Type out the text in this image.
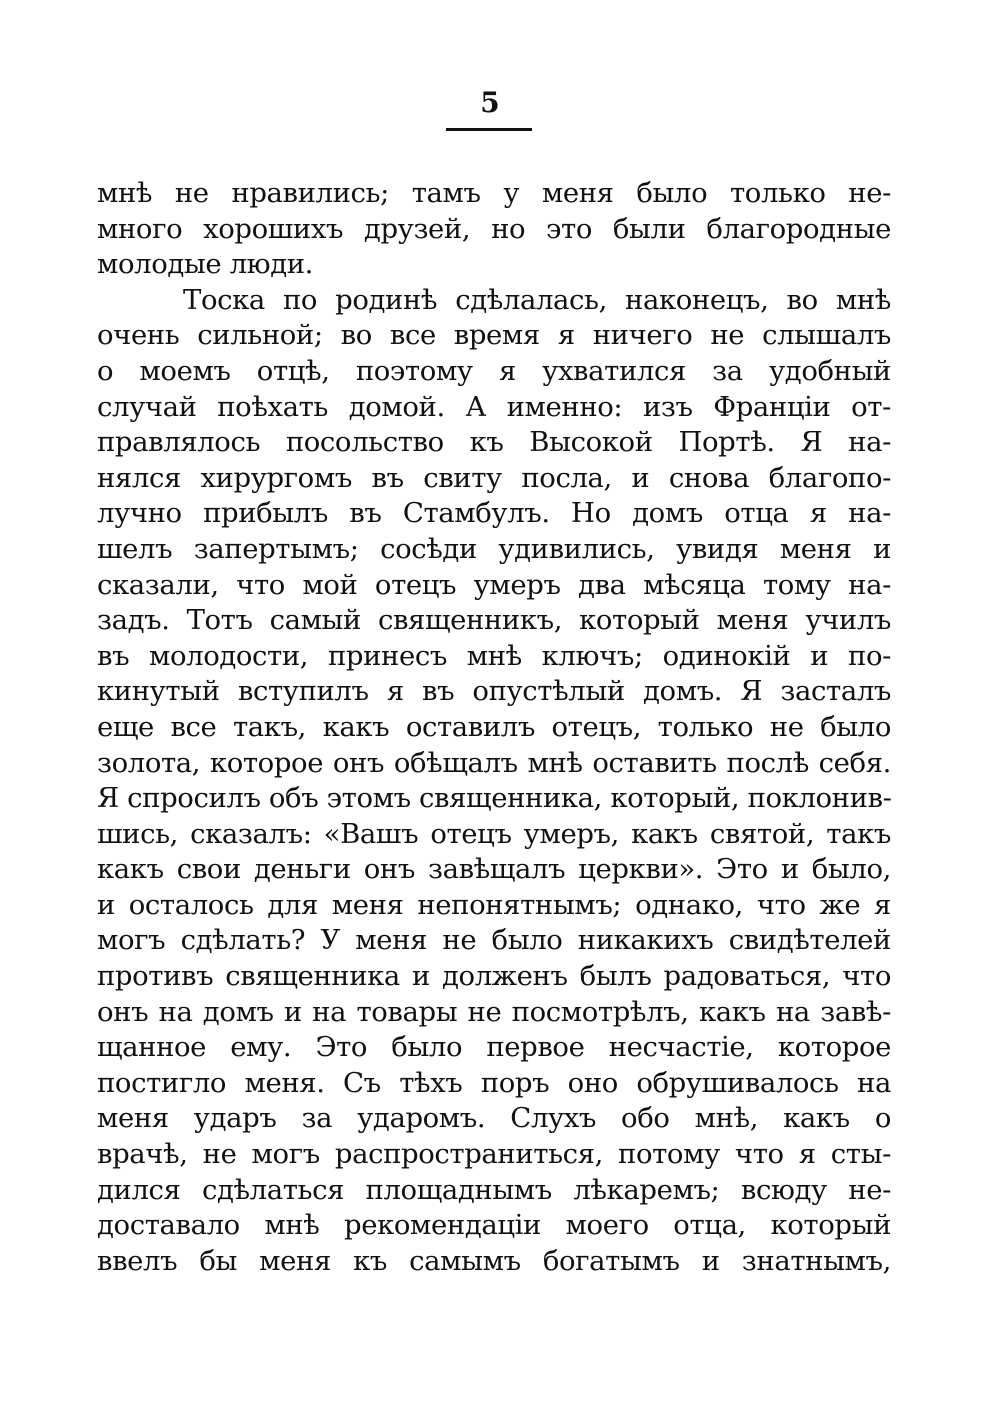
5
мнѣ не нравились; тамъ у меня было только не-
много хорошихъ друзей, но это были благородные
молодые люди.
Тоска по родинѣ сдѣлалась, наконецъ, во мнѣ
очень сильной; во все время я ничего не слышалъ
о моемъ отцѣ, поэтому я ухватился за удобный
случай поѣхать домой. А именно: изъ Франціи от-
правлялось посольство къ Высокой Портѣ. Я на-
нялся хирургомъ въ свиту посла, и снова благопо-
лучно прибылъ въ Стамбулъ. Но домъ отца я на-
шелъ запертымъ; сосѣди удивились, увидя меня и
сказали, что мой отецъ умеръ два мѣсяца тому на-
задъ. Тотъ самый священникъ, который меня училъ
въ молодости, принесъ мнѣ ключъ; одинокій и по-
кинутый вступилъ я въ опустѣлый домъ. Я засталъ
еще все такъ, какъ оставилъ отецъ, только не было
золота, которое онъ обѣщалъ мнѣ оставить послѣ себя.
Я спросилъ объ этомъ священника, который, поклонив-
шись, сказалъ: «Вашъ отецъ умеръ, какъ святой, такъ
какъ свои деньги онъ завѣщалъ церкви». Это и было,
и осталось для меня непонятнымъ; однако, что же я
могъ сдѣлать? У меня не было никакихъ свидѣтелей
противъ священника и долженъ былъ радоваться, что
онъ на домъ и на товары не посмотрѣлъ, какъ на завѣ-
щанное ему. Это было первое несчастіе, которое
постигло меня. Съ тѣхъ поръ оно обрушивалось на
меня ударъ за ударомъ. Слухъ обо мнѣ, какъ о
врачѣ, не могъ распространиться, потому что я сты-
дился сдѣлаться площаднымъ лѣкаремъ; всюду не-
доставало мнѣ рекомендаціи моего отца, который
ввелъ бы меня къ самымъ богатымъ и знатнымъ,
